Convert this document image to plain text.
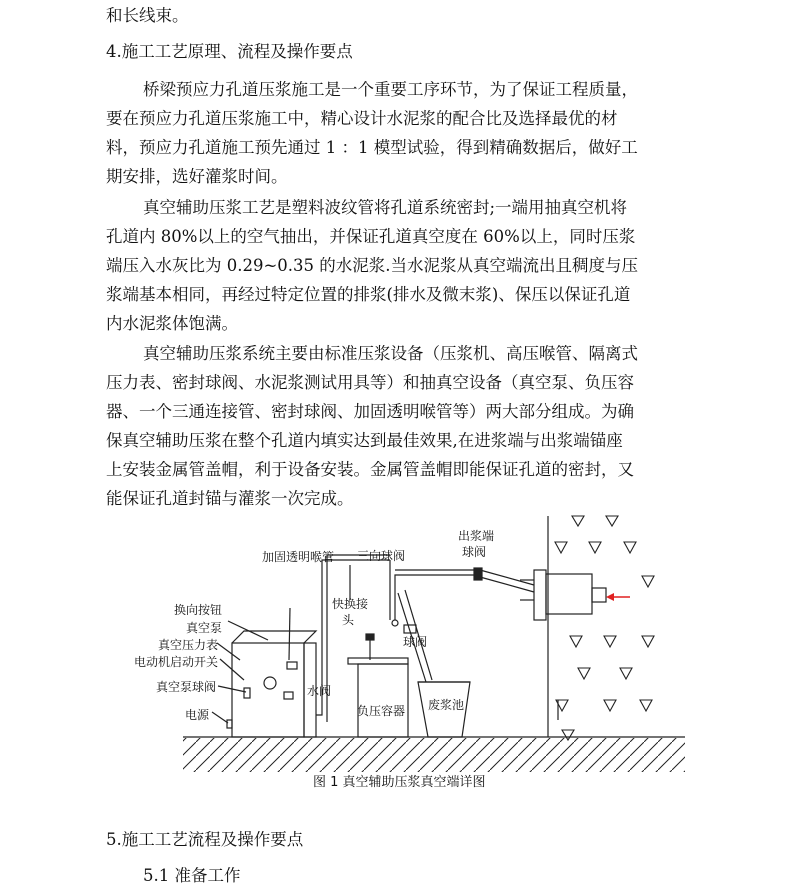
和长线束。
4.施工工艺原理、流程及操作要点
桥梁预应力孔道压浆施工是一个重要工序环节，为了保证工程质量，
要在预应力孔道压浆施工中，精心设计水泥浆的配合比及选择最优的材
料，预应力孔道施工预先通过 1 ：1 模型试验，得到精确数据后，做好工
期安排，选好灌浆时间。
真空辅助压浆工艺是塑料波纹管将孔道系统密封;一端用抽真空机将
孔道内 80%以上的空气抽出，并保证孔道真空度在 60%以上，同时压浆
端压入水灰比为 0.29~0.35 的水泥浆.当水泥浆从真空端流出且稠度与压
浆端基本相同，再经过特定位置的排浆(排水及微末浆)、保压以保证孔道
内水泥浆体饱满。
真空辅助压浆系统主要由标准压浆设备（压浆机、高压喉管、隔离式
压力表、密封球阀、水泥浆测试用具等）和抽真空设备（真空泵、负压容
器、一个三通连接管、密封球阀、加固透明喉管等）两大部分组成。为确
保真空辅助压浆在整个孔道内填实达到最佳效果,在进浆端与出浆端锚座
上安装金属管盖帽，利于设备安装。金属管盖帽即能保证孔道的密封，又
能保证孔道封锚与灌浆一次完成。
出浆端
球阀
加固透明喉管 三向球阀
快换接
头
球阀
换向按钮
真空泵
真空压力表
电动机启动开关
真空泵球阀	水阀
电源	负压容器 废浆池
图 1 真空辅助压浆真空端详图
5.施工工艺流程及操作要点
5.1 准备工作
